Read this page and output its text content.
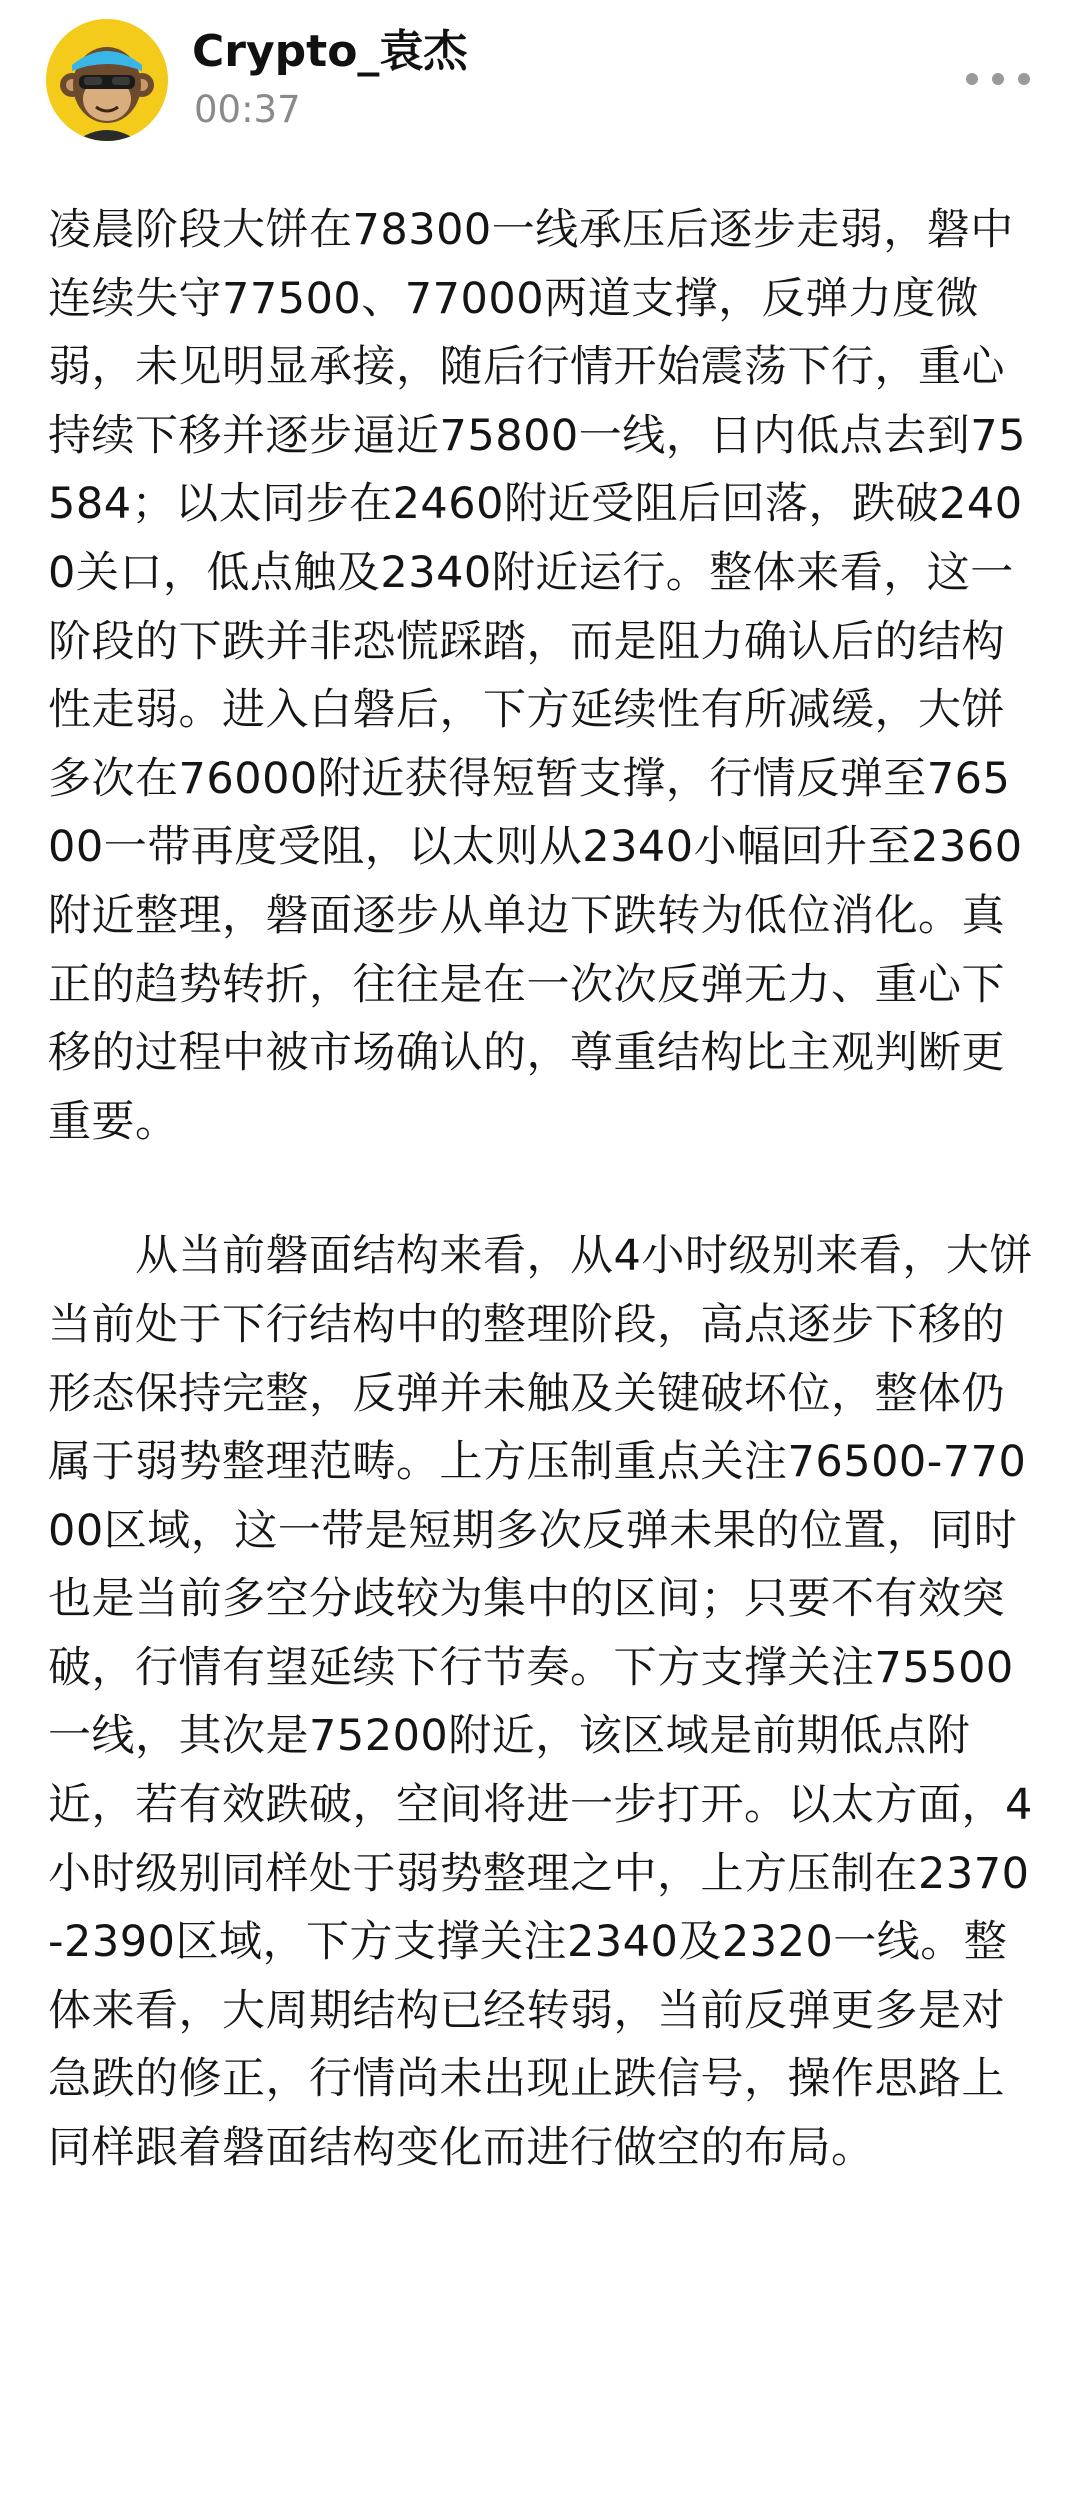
Crypto_袁杰
00:37

凌晨阶段大饼在78300一线承压后逐步走弱，磐中连续失守77500、77000两道支撑，反弹力度微弱，未见明显承接，随后行情开始震荡下行，重心持续下移并逐步逼近75800一线，日内低点去到75584；以太同步在2460附近受阻后回落，跌破2400关口，低点触及2340附近运行。整体来看，这一阶段的下跌并非恐慌踩踏，而是阻力确认后的结构性走弱。进入白磐后，下方延续性有所减缓，大饼多次在76000附近获得短暂支撑，行情反弹至76500一带再度受阻，以太则从2340小幅回升至2360附近整理，磐面逐步从单边下跌转为低位消化。真正的趋势转折，往往是在一次次反弹无力、重心下移的过程中被市场确认的，尊重结构比主观判断更重要。

　　从当前磐面结构来看，从4小时级别来看，大饼当前处于下行结构中的整理阶段，高点逐步下移的形态保持完整，反弹并未触及关键破坏位，整体仍属于弱势整理范畴。上方压制重点关注76500-77000区域，这一带是短期多次反弹未果的位置，同时也是当前多空分歧较为集中的区间；只要不有效突破，行情有望延续下行节奏。下方支撑关注75500一线，其次是75200附近，该区域是前期低点附近，若有效跌破，空间将进一步打开。以太方面，4小时级别同样处于弱势整理之中，上方压制在2370-2390区域，下方支撑关注2340及2320一线。整体来看，大周期结构已经转弱，当前反弹更多是对急跌的修正，行情尚未出现止跌信号，操作思路上同样跟着磐面结构变化而进行做空的布局。
